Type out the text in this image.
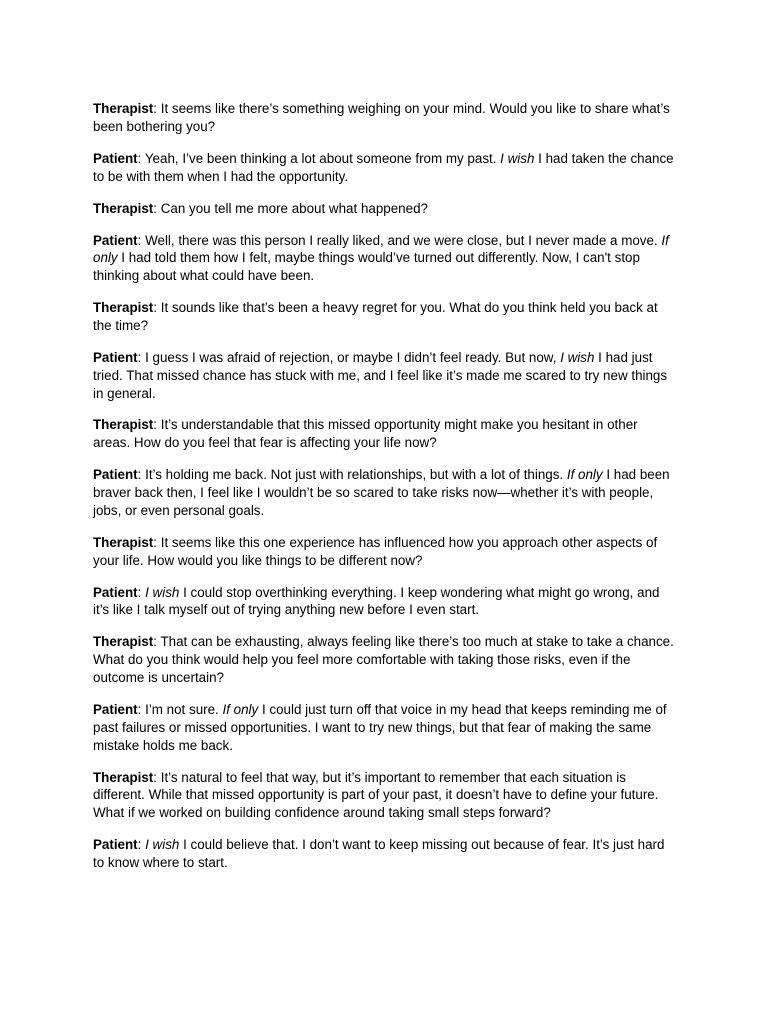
Therapist: It seems like there’s something weighing on your mind. Would you like to share what’s been bothering you?

Patient: Yeah, I’ve been thinking a lot about someone from my past. I wish I had taken the chance to be with them when I had the opportunity.

Therapist: Can you tell me more about what happened?

Patient: Well, there was this person I really liked, and we were close, but I never made a move. If only I had told them how I felt, maybe things would’ve turned out differently. Now, I can't stop thinking about what could have been.

Therapist: It sounds like that’s been a heavy regret for you. What do you think held you back at the time?

Patient: I guess I was afraid of rejection, or maybe I didn’t feel ready. But now, I wish I had just tried. That missed chance has stuck with me, and I feel like it’s made me scared to try new things in general.

Therapist: It’s understandable that this missed opportunity might make you hesitant in other areas. How do you feel that fear is affecting your life now?

Patient: It’s holding me back. Not just with relationships, but with a lot of things. If only I had been braver back then, I feel like I wouldn’t be so scared to take risks now—whether it’s with people, jobs, or even personal goals.

Therapist: It seems like this one experience has influenced how you approach other aspects of your life. How would you like things to be different now?

Patient: I wish I could stop overthinking everything. I keep wondering what might go wrong, and it’s like I talk myself out of trying anything new before I even start.

Therapist: That can be exhausting, always feeling like there’s too much at stake to take a chance. What do you think would help you feel more comfortable with taking those risks, even if the outcome is uncertain?

Patient: I’m not sure. If only I could just turn off that voice in my head that keeps reminding me of past failures or missed opportunities. I want to try new things, but that fear of making the same mistake holds me back.

Therapist: It’s natural to feel that way, but it’s important to remember that each situation is different. While that missed opportunity is part of your past, it doesn’t have to define your future. What if we worked on building confidence around taking small steps forward?

Patient: I wish I could believe that. I don’t want to keep missing out because of fear. It’s just hard to know where to start.
